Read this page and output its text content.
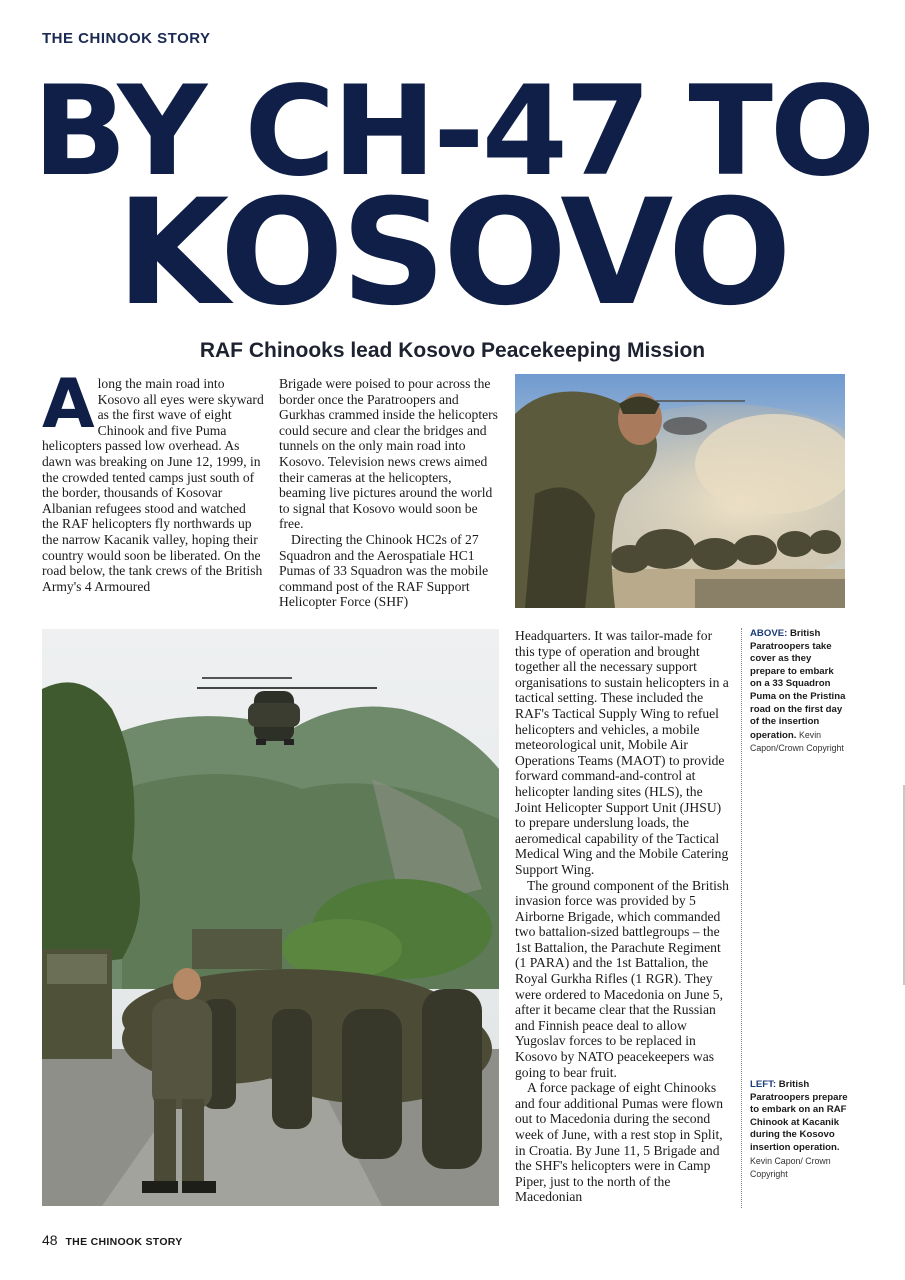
THE CHINOOK STORY
BY CH-47 TO
KOSOVO
RAF Chinooks lead Kosovo Peacekeeping Mission
A long the main road into Kosovo all eyes were skyward as the first wave of eight Chinook and five Puma helicopters passed low overhead. As dawn was breaking on June 12, 1999, in the crowded tented camps just south of the border, thousands of Kosovar Albanian refugees stood and watched the RAF helicopters fly northwards up the narrow Kacanik valley, hoping their country would soon be liberated. On the road below, the tank crews of the British Army's 4 Armoured

Brigade were poised to pour across the border once the Paratroopers and Gurkhas crammed inside the helicopters could secure and clear the bridges and tunnels on the only main road into Kosovo. Television news crews aimed their cameras at the helicopters, beaming live pictures around the world to signal that Kosovo would soon be free.

Directing the Chinook HC2s of 27 Squadron and the Aerospatiale HC1 Pumas of 33 Squadron was the mobile command post of the RAF Support Helicopter Force (SHF)

Headquarters. It was tailor-made for this type of operation and brought together all the necessary support organisations to sustain helicopters in a tactical setting. These included the RAF's Tactical Supply Wing to refuel helicopters and vehicles, a mobile meteorological unit, Mobile Air Operations Teams (MAOT) to provide forward command-and-control at helicopter landing sites (HLS), the Joint Helicopter Support Unit (JHSU) to prepare underslung loads, the aeromedical capability of the Tactical Medical Wing and the Mobile Catering Support Wing.

The ground component of the British invasion force was provided by 5 Airborne Brigade, which commanded two battalion-sized battlegroups – the 1st Battalion, the Parachute Regiment (1 PARA) and the 1st Battalion, the Royal Gurkha Rifles (1 RGR). They were ordered to Macedonia on June 5, after it became clear that the Russian and Finnish peace deal to allow Yugoslav forces to be replaced in Kosovo by NATO peacekeepers was going to bear fruit.

A force package of eight Chinooks and four additional Pumas were flown out to Macedonia during the second week of June, with a rest stop in Split, in Croatia. By June 11, 5 Brigade and the SHF's helicopters were in Camp Piper, just to the north of the Macedonian

ABOVE: British Paratroopers take cover as they prepare to embark on a 33 Squadron Puma on the Pristina road on the first day of the insertion operation. Kevin Capon/Crown Copyright
LEFT: British Paratroopers prepare to embark on an RAF Chinook at Kacanik during the Kosovo insertion operation. Kevin Capon/ Crown Copyright
48 THE CHINOOK STORY
